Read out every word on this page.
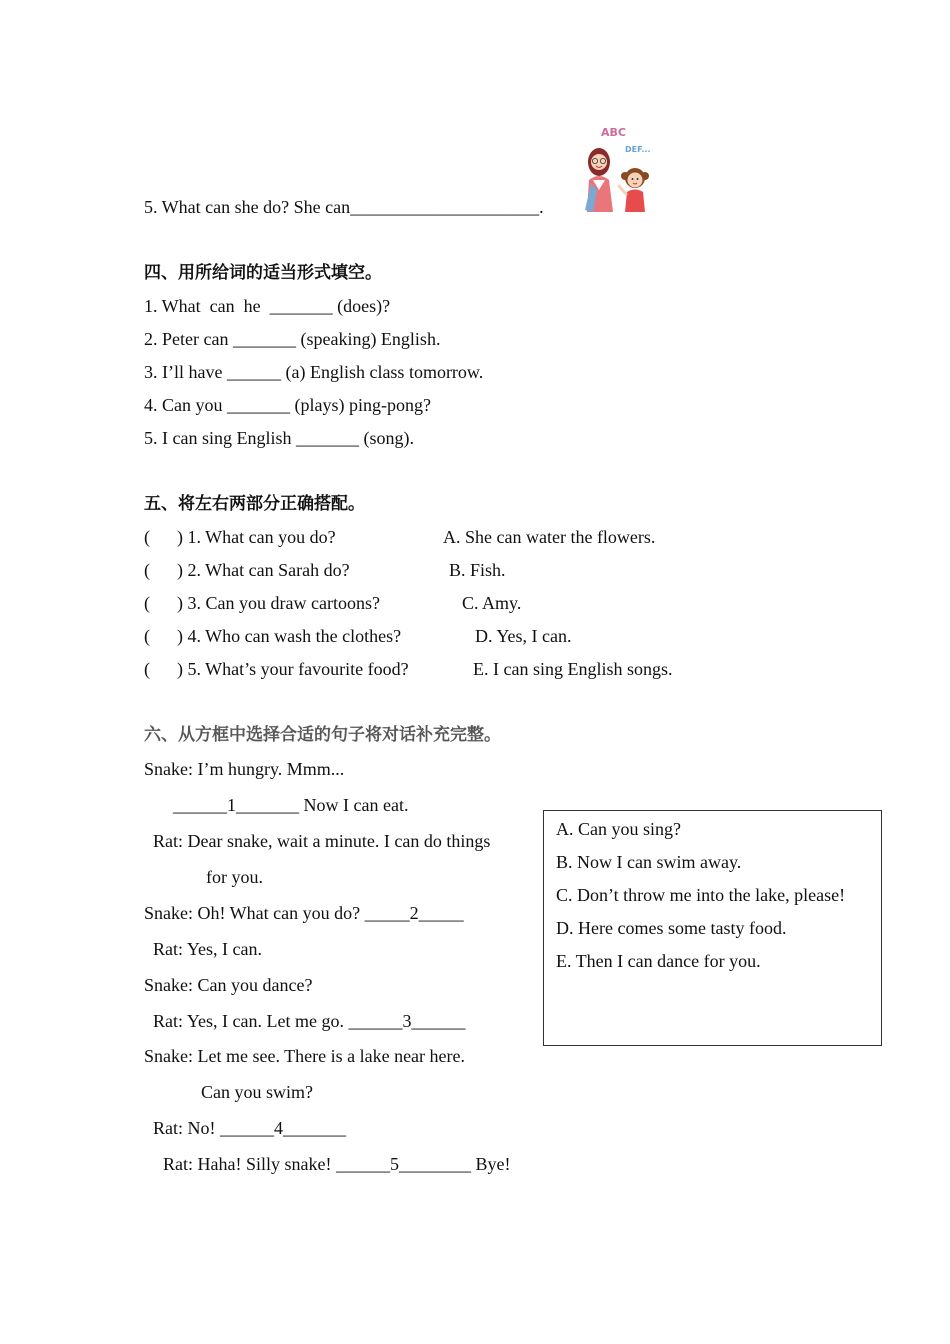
5. What can she do? She can_____________________.
ABC
DEF...
四、用所给词的适当形式填空。
1. What  can  he  _______ (does)?
2. Peter can _______ (speaking) English.
3. I’ll have ______ (a) English class tomorrow.
4. Can you _______ (plays) ping-pong?
5. I can sing English _______ (song).
五、将左右两部分正确搭配。
(      ) 1. What can you do?
(      ) 2. What can Sarah do?
(      ) 3. Can you draw cartoons?
(      ) 4. Who can wash the clothes?
(      ) 5. What’s your favourite food?
A. She can water the flowers.
B. Fish.
C. Amy.
D. Yes, I can.
E. I can sing English songs.
六、从方框中选择合适的句子将对话补充完整。
Snake: I’m hungry. Mmm...
______1_______ Now I can eat.
Rat: Dear snake, wait a minute. I can do things
for you.
Snake: Oh! What can you do? _____2_____
Rat: Yes, I can.
Snake: Can you dance?
Rat: Yes, I can. Let me go. ______3______
Snake: Let me see. There is a lake near here.
Can you swim?
Rat: No! ______4_______
Rat: Haha! Silly snake! ______5________ Bye!
A. Can you sing?
B. Now I can swim away.
C. Don’t throw me into the lake, please!
D. Here comes some tasty food.
E. Then I can dance for you.
